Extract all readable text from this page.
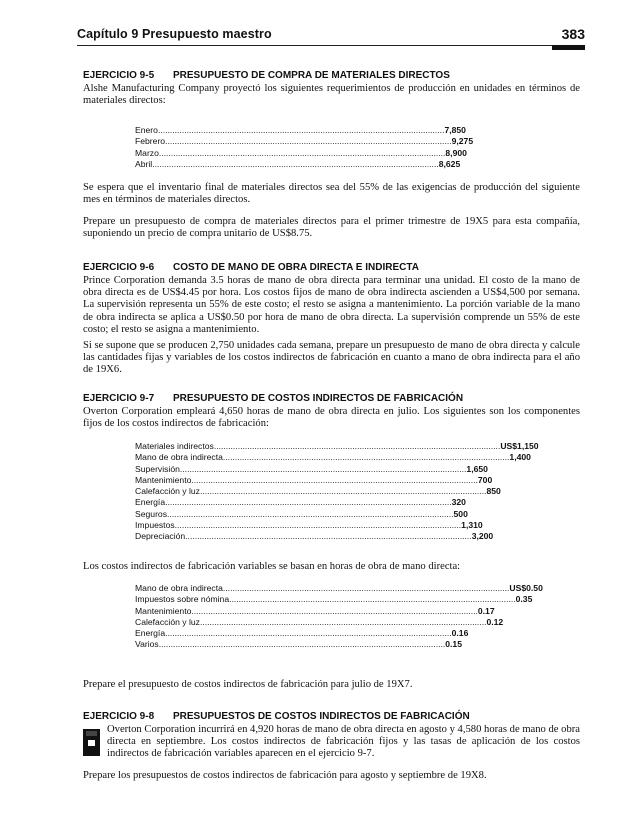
Capítulo 9 Presupuesto maestro	383
EJERCICIO 9-5 PRESUPUESTO DE COMPRA DE MATERIALES DIRECTOS
Alshe Manufacturing Company proyectó los siguientes requerimientos de producción en unidades en términos de materiales directos:
Enero ........................................................................................................................ 7,850
Febrero ........................................................................................................................ 9,275
Marzo ........................................................................................................................ 8,900
Abril ........................................................................................................................ 8,625
Se espera que el inventario final de materiales directos sea del 55% de las exigencias de producción del siguiente mes en términos de materiales directos.
Prepare un presupuesto de compra de materiales directos para el primer trimestre de 19X5 para esta compañía, suponiendo un precio de compra unitario de US$8.75.
EJERCICIO 9-6 COSTO DE MANO DE OBRA DIRECTA E INDIRECTA
Prince Corporation demanda 3.5 horas de mano de obra directa para terminar una unidad. El costo de la mano de obra directa es de US$4.45 por hora. Los costos fijos de mano de obra indirecta ascienden a US$4,500 por semana. La supervisión representa un 55% de este costo; el resto se asigna a mantenimiento. La porción variable de la mano de obra indirecta se aplica a US$0.50 por hora de mano de obra directa. La supervisión comprende un 55% de este costo; el resto se asigna a mantenimiento.
Si se supone que se producen 2,750 unidades cada semana, prepare un presupuesto de mano de obra directa y calcule las cantidades fijas y variables de los costos indirectos de fabricación en cuanto a mano de obra indirecta para el año de 19X6.
EJERCICIO 9-7 PRESUPUESTO DE COSTOS INDIRECTOS DE FABRICACIÓN
Overton Corporation empleará 4,650 horas de mano de obra directa en julio. Los siguientes son los componentes fijos de los costos indirectos de fabricación:
Materiales indirectos ........................................................................................................................ US$ 1,150
Mano de obra indirecta ........................................................................................................................ 1,400
Supervisión ........................................................................................................................ 1,650
Mantenimiento ........................................................................................................................ 700
Calefacción y luz ........................................................................................................................ 850
Energía ........................................................................................................................ 320
Seguros ........................................................................................................................ 500
Impuestos ........................................................................................................................ 1,310
Depreciación ........................................................................................................................ 3,200
Los costos indirectos de fabricación variables se basan en horas de obra de mano directa:
Mano de obra indirecta ........................................................................................................................ US$ 0.50
Impuestos sobre nómina ........................................................................................................................ 0.35
Mantenimiento ........................................................................................................................ 0.17
Calefacción y luz ........................................................................................................................ 0.12
Energía ........................................................................................................................ 0.16
Varios ........................................................................................................................ 0.15
Prepare el presupuesto de costos indirectos de fabricación para julio de 19X7.
EJERCICIO 9-8 PRESUPUESTOS DE COSTOS INDIRECTOS DE FABRICACIÓN
Overton Corporation incurrirá en 4,920 horas de mano de obra directa en agosto y 4,580 horas de mano de obra directa en septiembre. Los costos indirectos de fabricación fijos y las tasas de aplicación de los costos indirectos de fabricación variables aparecen en el ejercicio 9-7.
Prepare los presupuestos de costos indirectos de fabricación para agosto y septiembre de 19X8.
